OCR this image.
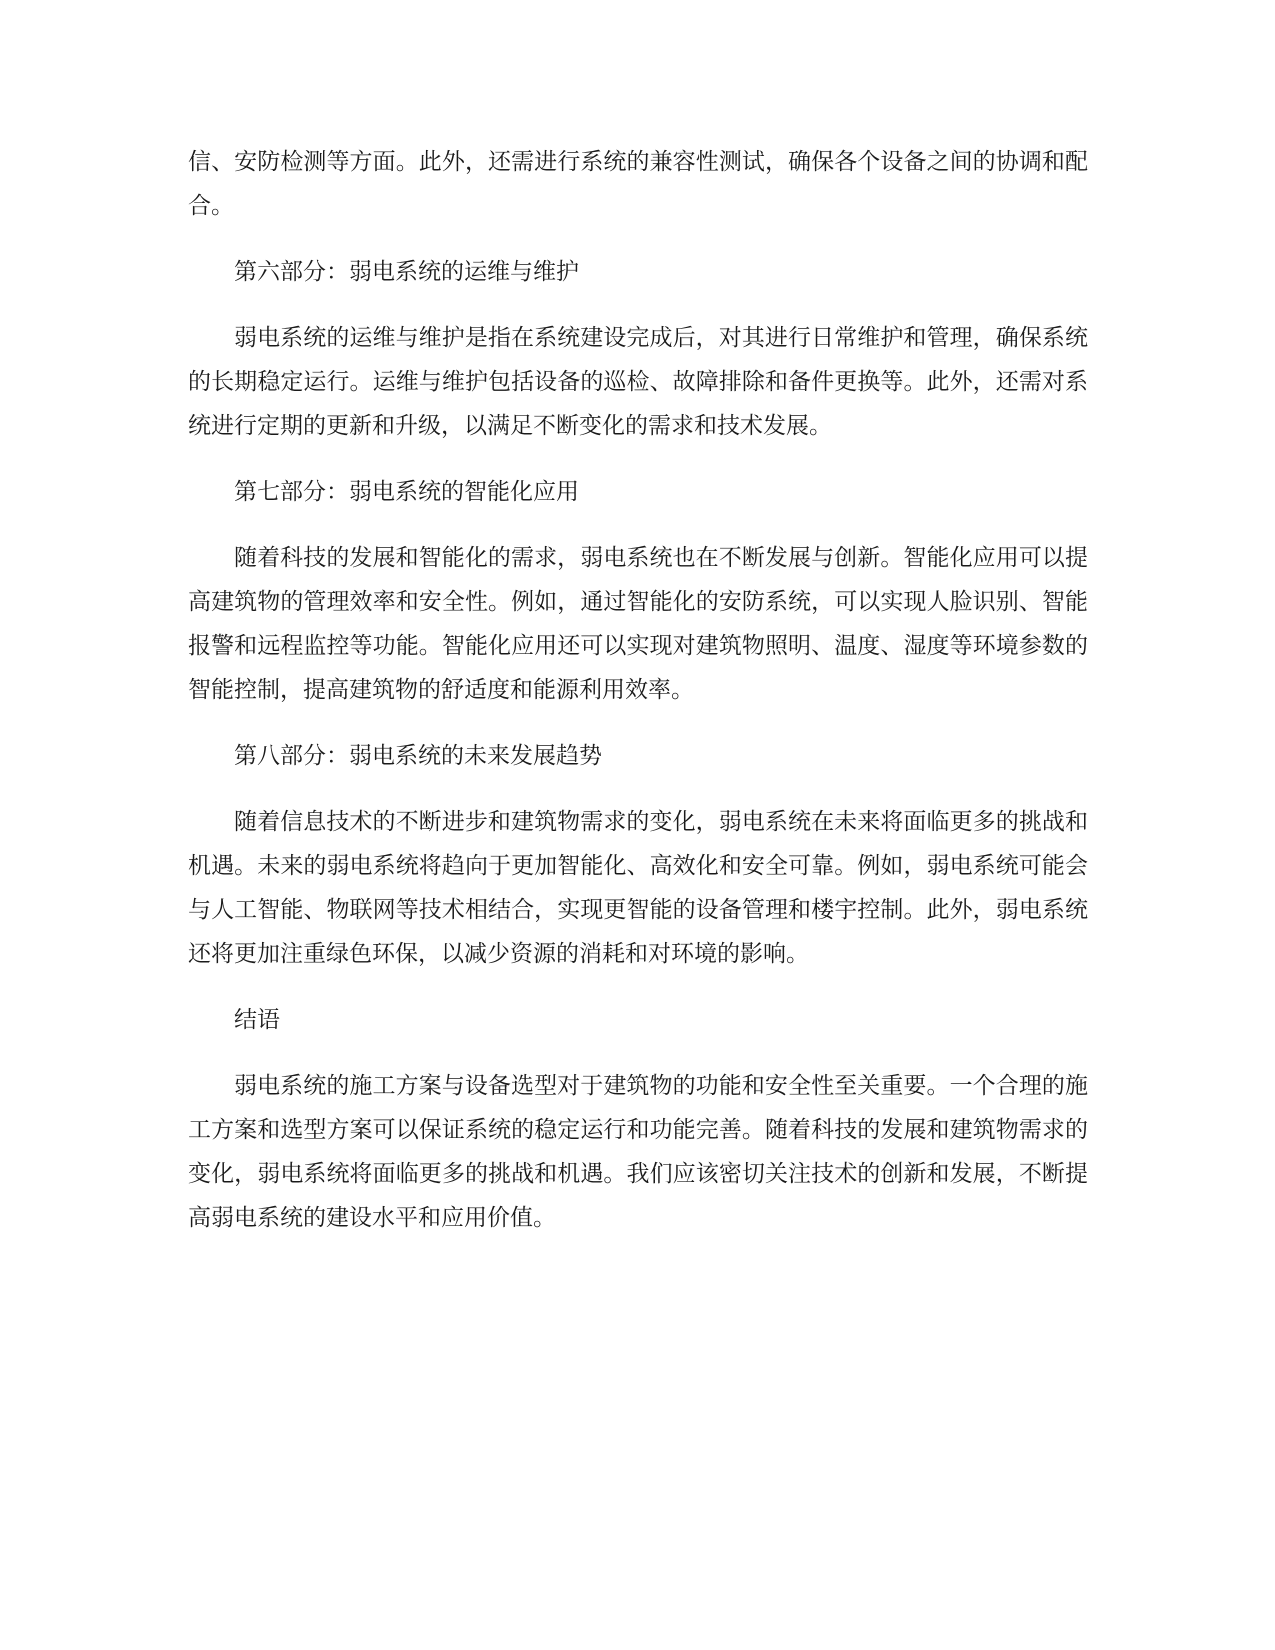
信、安防检测等方面。此外，还需进行系统的兼容性测试，确保各个设备之间的协调和配合。

第六部分：弱电系统的运维与维护

弱电系统的运维与维护是指在系统建设完成后，对其进行日常维护和管理，确保系统的长期稳定运行。运维与维护包括设备的巡检、故障排除和备件更换等。此外，还需对系统进行定期的更新和升级，以满足不断变化的需求和技术发展。

第七部分：弱电系统的智能化应用

随着科技的发展和智能化的需求，弱电系统也在不断发展与创新。智能化应用可以提高建筑物的管理效率和安全性。例如，通过智能化的安防系统，可以实现人脸识别、智能报警和远程监控等功能。智能化应用还可以实现对建筑物照明、温度、湿度等环境参数的智能控制，提高建筑物的舒适度和能源利用效率。

第八部分：弱电系统的未来发展趋势

随着信息技术的不断进步和建筑物需求的变化，弱电系统在未来将面临更多的挑战和机遇。未来的弱电系统将趋向于更加智能化、高效化和安全可靠。例如，弱电系统可能会与人工智能、物联网等技术相结合，实现更智能的设备管理和楼宇控制。此外，弱电系统还将更加注重绿色环保，以减少资源的消耗和对环境的影响。

结语

弱电系统的施工方案与设备选型对于建筑物的功能和安全性至关重要。一个合理的施工方案和选型方案可以保证系统的稳定运行和功能完善。随着科技的发展和建筑物需求的变化，弱电系统将面临更多的挑战和机遇。我们应该密切关注技术的创新和发展，不断提高弱电系统的建设水平和应用价值。
